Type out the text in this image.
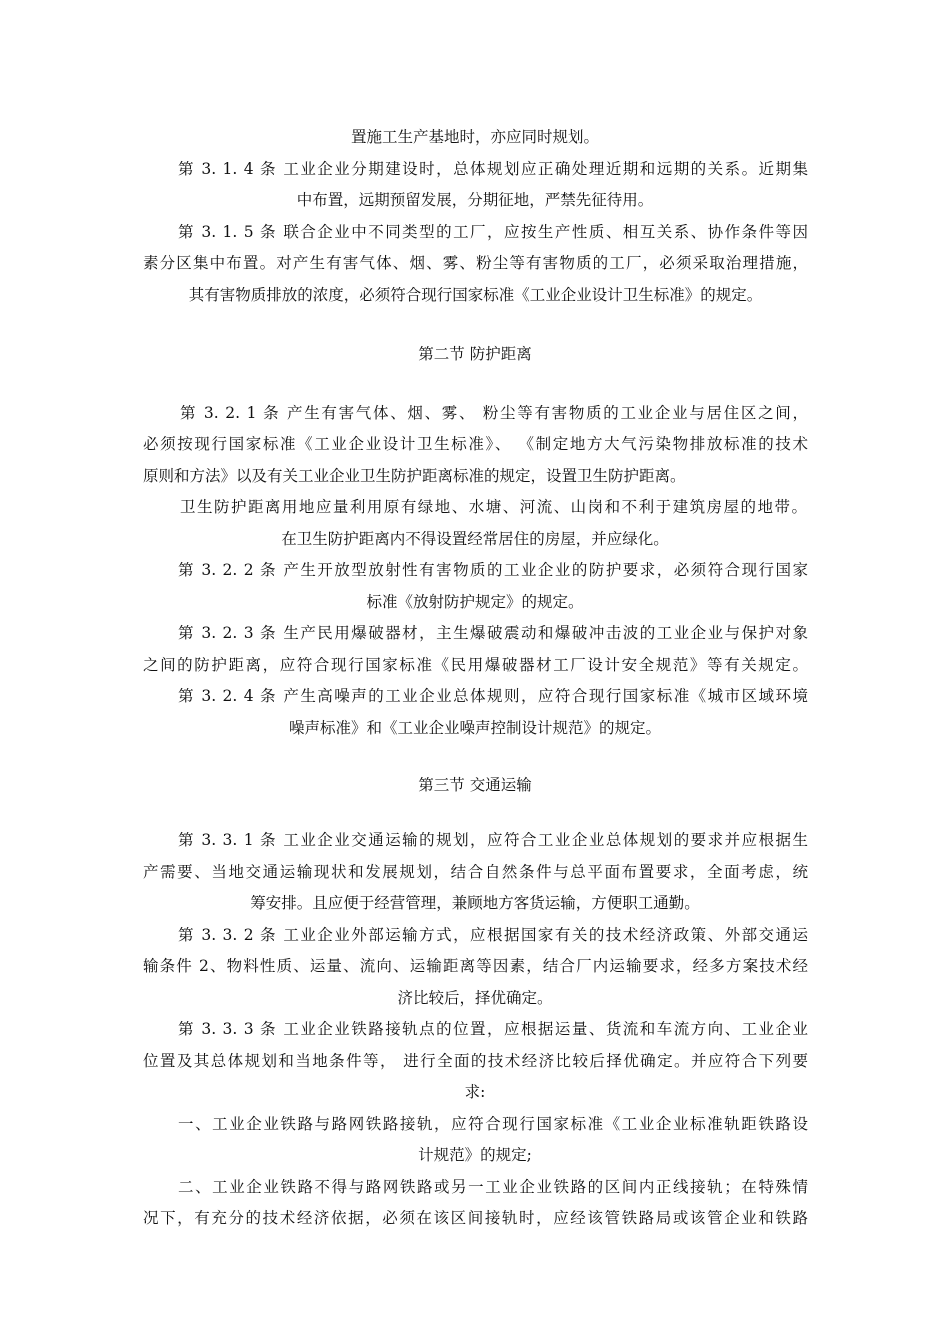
置施工生产基地时，亦应同时规划。
第 3. 1. 4 条 工业企业分期建设时，总体规划应正确处理近期和远期的关系。近期集
中布置，远期预留发展，分期征地，严禁先征待用。
第 3. 1. 5 条 联合企业中不同类型的工厂，应按生产性质、相互关系、协作条件等因
素分区集中布置。对产生有害气体、烟、雾、粉尘等有害物质的工厂，必须采取治理措施，
其有害物质排放的浓度，必须符合现行国家标准《工业企业设计卫生标准》的规定。
第二节 防护距离
第 3. 2. 1 条 产生有害气体、烟、雾、 粉尘等有害物质的工业企业与居住区之间，
必须按现行国家标准《工业企业设计卫生标准》、 《制定地方大气污染物排放标准的技术
原则和方法》以及有关工业企业卫生防护距离标准的规定，设置卫生防护距离。
卫生防护距离用地应量利用原有绿地、水塘、河流、山岗和不利于建筑房屋的地带。
在卫生防护距离内不得设置经常居住的房屋，并应绿化。
第 3. 2. 2 条 产生开放型放射性有害物质的工业企业的防护要求，必须符合现行国家
标准《放射防护规定》的规定。
第 3. 2. 3 条 生产民用爆破器材，主生爆破震动和爆破冲击波的工业企业与保护对象
之间的防护距离，应符合现行国家标准《民用爆破器材工厂设计安全规范》等有关规定。
第 3. 2. 4 条 产生高噪声的工业企业总体规则，应符合现行国家标准《城市区域环境
噪声标准》和《工业企业噪声控制设计规范》的规定。
第三节 交通运输
第 3. 3. 1 条 工业企业交通运输的规划，应符合工业企业总体规划的要求并应根据生
产需要、当地交通运输现状和发展规划，结合自然条件与总平面布置要求，全面考虑，统
筹安排。且应便于经营管理，兼顾地方客货运输，方便职工通勤。
第 3. 3. 2 条 工业企业外部运输方式，应根据国家有关的技术经济政策、外部交通运
输条件 2、物料性质、运量、流向、运输距离等因素，结合厂内运输要求，经多方案技术经
济比较后，择优确定。
第 3. 3. 3 条 工业企业铁路接轨点的位置，应根据运量、货流和车流方向、工业企业
位置及其总体规划和当地条件等， 进行全面的技术经济比较后择优确定。并应符合下列要
求:
一、工业企业铁路与路网铁路接轨，应符合现行国家标准《工业企业标准轨距铁路设
计规范》的规定;
二、工业企业铁路不得与路网铁路或另一工业企业铁路的区间内正线接轨；在特殊情
况下，有充分的技术经济依据，必须在该区间接轨时，应经该管铁路局或该管企业和铁路
